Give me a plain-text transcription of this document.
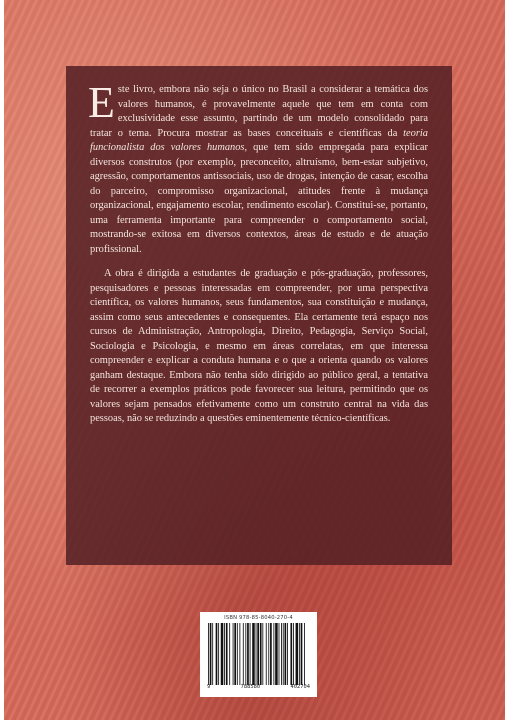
Este livro, embora não seja o único no Brasil a considerar a temática dos valores humanos, é provavelmente aquele que tem em conta com exclusividade esse assunto, partindo de um modelo consolidado para tratar o tema. Procura mostrar as bases conceituais e científicas da teoria funcionalista dos valores humanos, que tem sido empregada para explicar diversos construtos (por exemplo, preconceito, altruísmo, bem-estar subjetivo, agressão, comportamentos antissociais, uso de drogas, intenção de casar, escolha do parceiro, compromisso organizacional, atitudes frente à mudança organizacional, engajamento escolar, rendimento escolar). Constitui-se, portanto, uma ferramenta importante para compreender o comportamento social, mostrando-se exitosa em diversos contextos, áreas de estudo e de atuação profissional.

A obra é dirigida a estudantes de graduação e pós-graduação, professores, pesquisadores e pessoas interessadas em compreender, por uma perspectiva científica, os valores humanos, seus fundamentos, sua constituição e mudança, assim como seus antecedentes e consequentes. Ela certamente terá espaço nos cursos de Administração, Antropologia, Direito, Pedagogia, Serviço Social, Sociologia e Psicologia, e mesmo em áreas correlatas, em que interessa compreender e explicar a conduta humana e o que a orienta quando os valores ganham destaque. Embora não tenha sido dirigido ao público geral, a tentativa de recorrer a exemplos práticos pode favorecer sua leitura, permitindo que os valores sejam pensados efetivamente como um construto central na vida das pessoas, não se reduzindo a questões eminentemente técnico-científicas.

ISBN 978-85-8040-270-4
9	788580	402704
